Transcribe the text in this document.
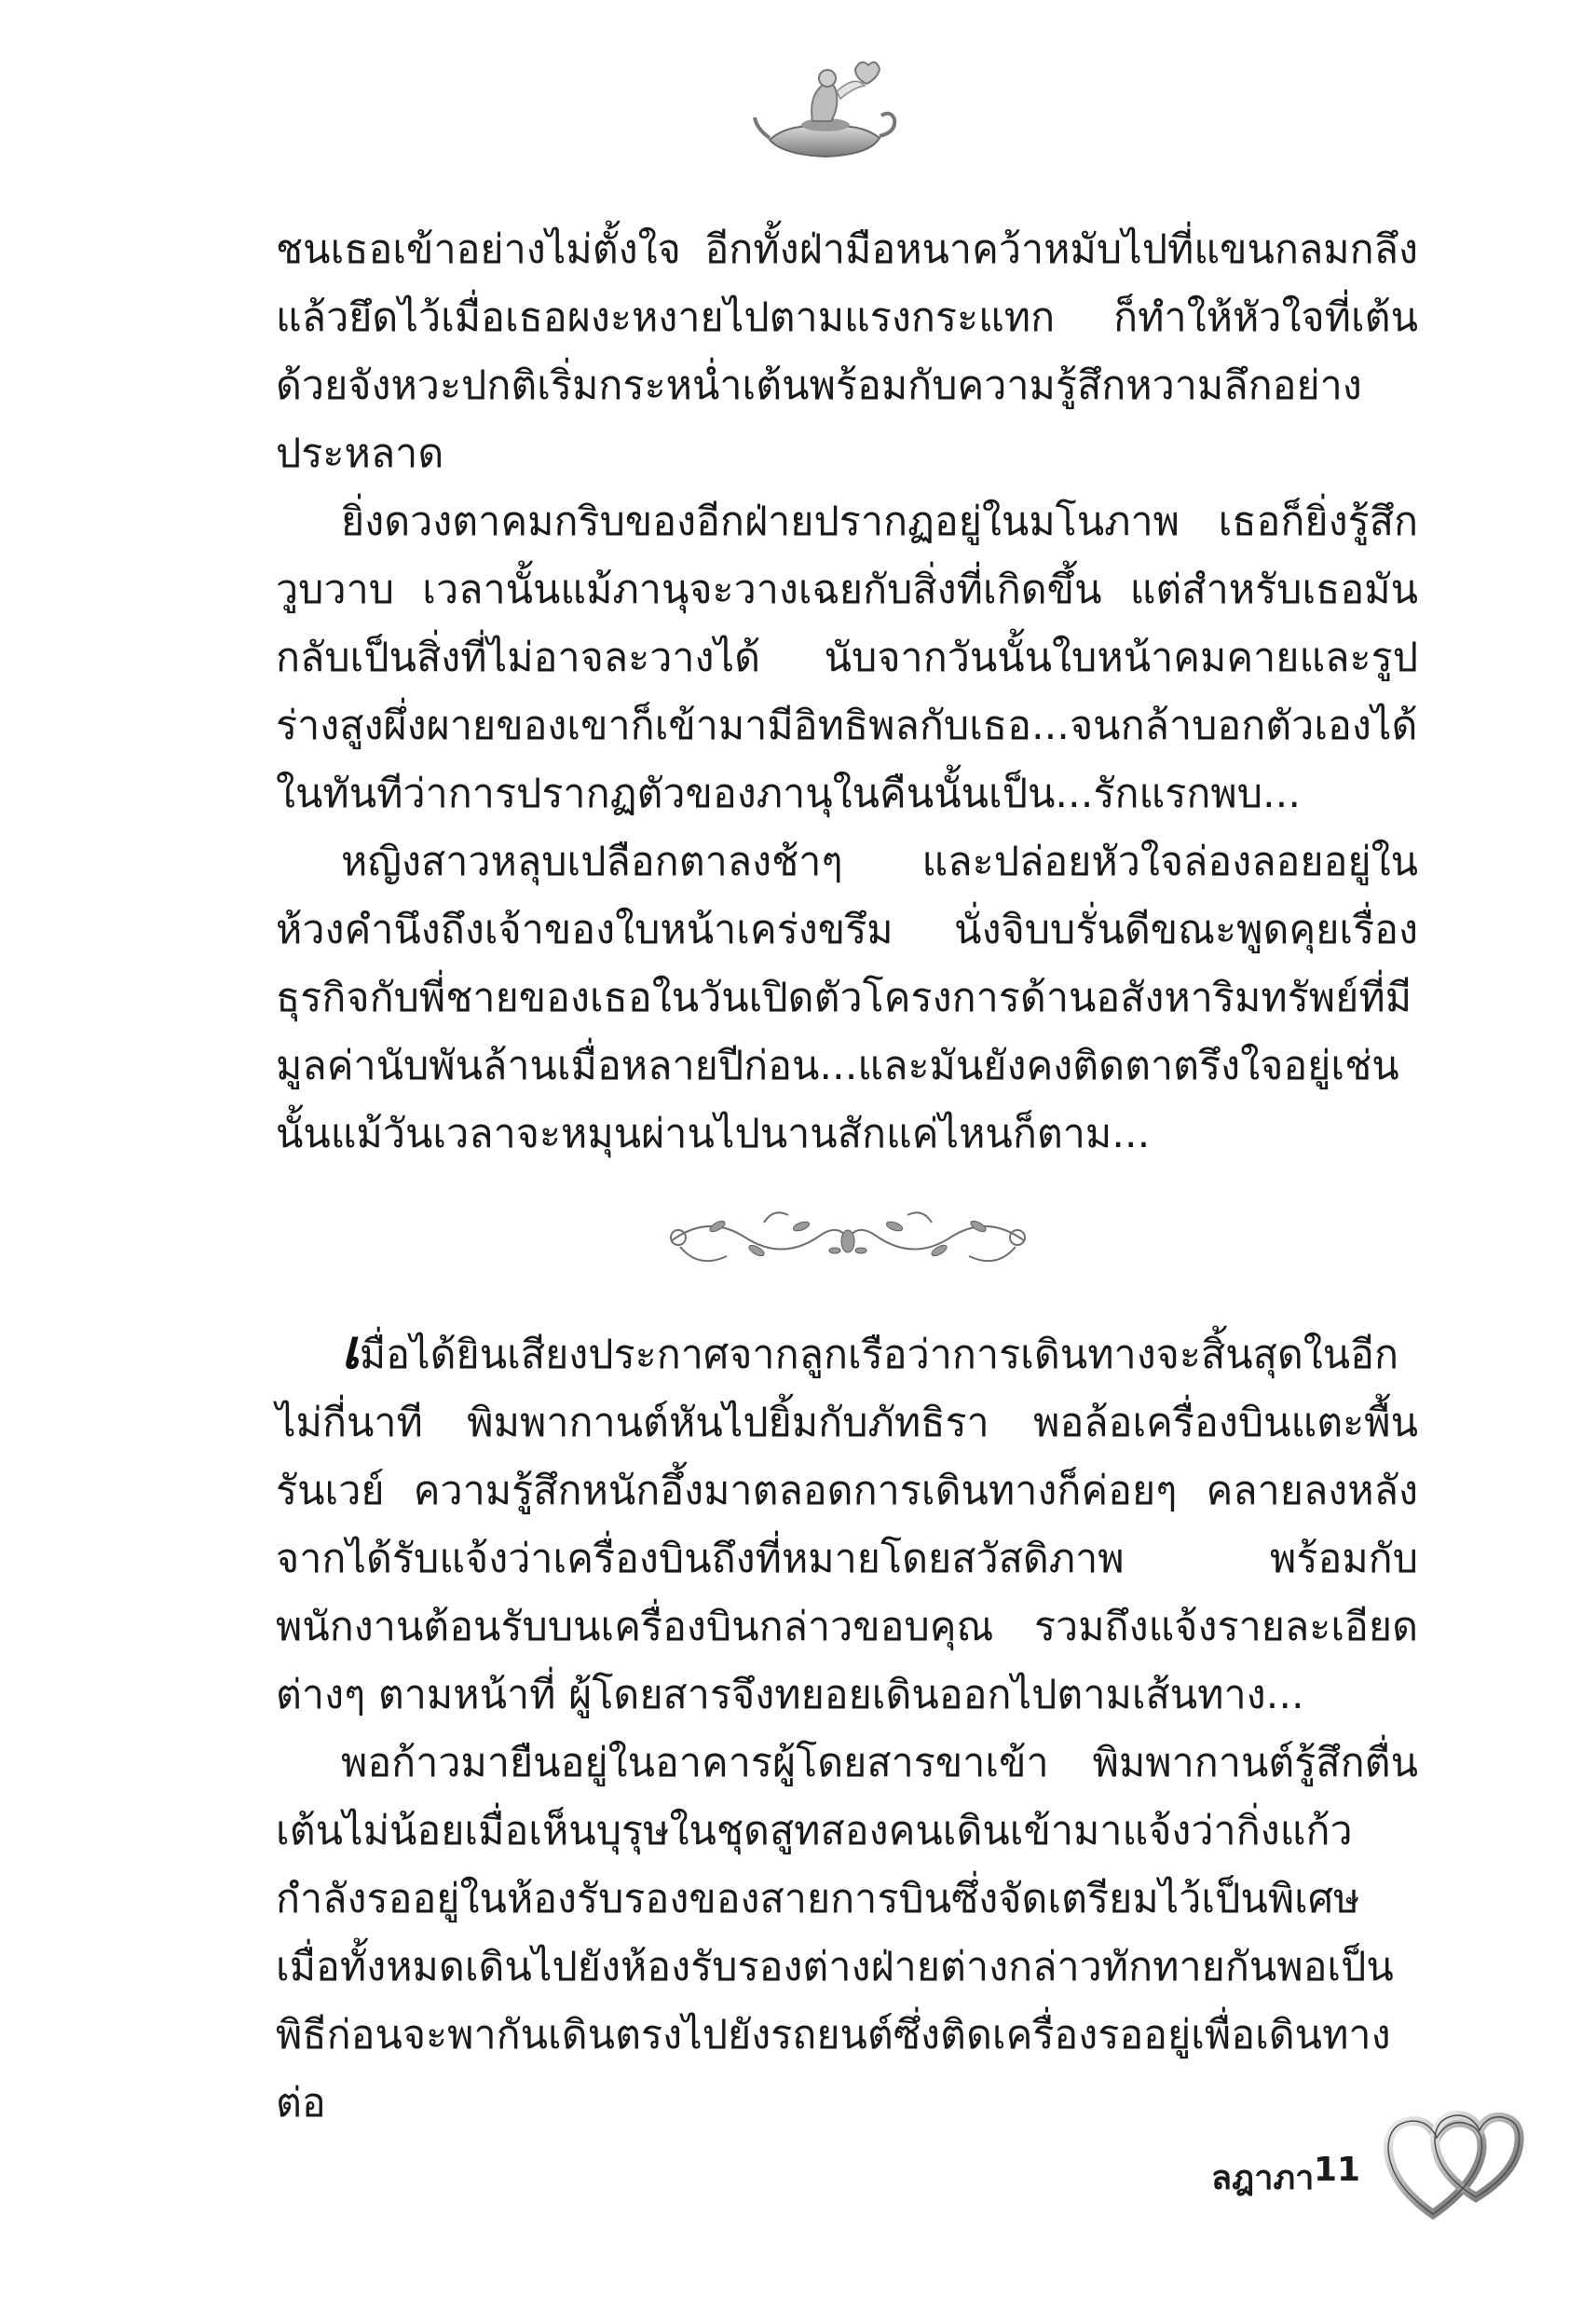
ชนเธอเข้าอย่างไม่ตั้งใจ อีกทั้งฝ่ามือหนาคว้าหมับไปที่แขนกลมกลึงแล้วยึดไว้เมื่อเธอผงะหงายไปตามแรงกระแทก ก็ทำให้หัวใจที่เต้นด้วยจังหวะปกติเริ่มกระหน่ำเต้นพร้อมกับความรู้สึกหวามลึกอย่างประหลาด

ยิ่งดวงตาคมกริบของอีกฝ่ายปรากฏอยู่ในมโนภาพ เธอก็ยิ่งรู้สึกวูบวาบ เวลานั้นแม้ภานุจะวางเฉยกับสิ่งที่เกิดขึ้น แต่สำหรับเธอมันกลับเป็นสิ่งที่ไม่อาจละวางได้ นับจากวันนั้นใบหน้าคมคายและรูปร่างสูงผึ่งผายของเขาก็เข้ามามีอิทธิพลกับเธอ...จนกล้าบอกตัวเองได้ในทันทีว่าการปรากฏตัวของภานุในคืนนั้นเป็น...รักแรกพบ...

หญิงสาวหลุบเปลือกตาลงช้าๆ และปล่อยหัวใจล่องลอยอยู่ในห้วงคำนึงถึงเจ้าของใบหน้าเคร่งขรึม นั่งจิบบรั่นดีขณะพูดคุยเรื่องธุรกิจกับพี่ชายของเธอในวันเปิดตัวโครงการด้านอสังหาริมทรัพย์ที่มีมูลค่านับพันล้านเมื่อหลายปีก่อน...และมันยังคงติดตาตรึงใจอยู่เช่นนั้นแม้วันเวลาจะหมุนผ่านไปนานสักแค่ไหนก็ตาม...

เมื่อได้ยินเสียงประกาศจากลูกเรือว่าการเดินทางจะสิ้นสุดในอีกไม่กี่นาที พิมพากานต์หันไปยิ้มกับภัทธิรา พอล้อเครื่องบินแตะพื้นรันเวย์ ความรู้สึกหนักอึ้งมาตลอดการเดินทางก็ค่อยๆ คลายลงหลังจากได้รับแจ้งว่าเครื่องบินถึงที่หมายโดยสวัสดิภาพ พร้อมกับพนักงานต้อนรับบนเครื่องบินกล่าวขอบคุณ รวมถึงแจ้งรายละเอียดต่างๆ ตามหน้าที่ ผู้โดยสารจึงทยอยเดินออกไปตามเส้นทาง...

พอก้าวมายืนอยู่ในอาคารผู้โดยสารขาเข้า พิมพากานต์รู้สึกตื่นเต้นไม่น้อยเมื่อเห็นบุรุษในชุดสูทสองคนเดินเข้ามาแจ้งว่ากิ่งแก้วกำลังรออยู่ในห้องรับรองของสายการบินซึ่งจัดเตรียมไว้เป็นพิเศษ เมื่อทั้งหมดเดินไปยังห้องรับรองต่างฝ่ายต่างกล่าวทักทายกันพอเป็นพิธีก่อนจะพากันเดินตรงไปยังรถยนต์ซึ่งติดเครื่องรออยู่เพื่อเดินทางต่อ

ลฎาภา 11
